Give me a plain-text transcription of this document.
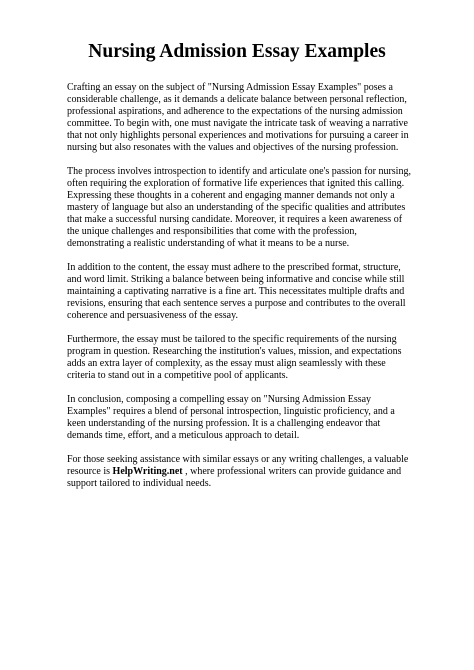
Nursing Admission Essay Examples

Crafting an essay on the subject of "Nursing Admission Essay Examples" poses a considerable challenge, as it demands a delicate balance between personal reflection, professional aspirations, and adherence to the expectations of the nursing admission committee. To begin with, one must navigate the intricate task of weaving a narrative that not only highlights personal experiences and motivations for pursuing a career in nursing but also resonates with the values and objectives of the nursing profession.

The process involves introspection to identify and articulate one's passion for nursing, often requiring the exploration of formative life experiences that ignited this calling. Expressing these thoughts in a coherent and engaging manner demands not only a mastery of language but also an understanding of the specific qualities and attributes that make a successful nursing candidate. Moreover, it requires a keen awareness of the unique challenges and responsibilities that come with the profession, demonstrating a realistic understanding of what it means to be a nurse.

In addition to the content, the essay must adhere to the prescribed format, structure, and word limit. Striking a balance between being informative and concise while still maintaining a captivating narrative is a fine art. This necessitates multiple drafts and revisions, ensuring that each sentence serves a purpose and contributes to the overall coherence and persuasiveness of the essay.

Furthermore, the essay must be tailored to the specific requirements of the nursing program in question. Researching the institution's values, mission, and expectations adds an extra layer of complexity, as the essay must align seamlessly with these criteria to stand out in a competitive pool of applicants.

In conclusion, composing a compelling essay on "Nursing Admission Essay Examples" requires a blend of personal introspection, linguistic proficiency, and a keen understanding of the nursing profession. It is a challenging endeavor that demands time, effort, and a meticulous approach to detail.

For those seeking assistance with similar essays or any writing challenges, a valuable resource is HelpWriting.net , where professional writers can provide guidance and support tailored to individual needs.
